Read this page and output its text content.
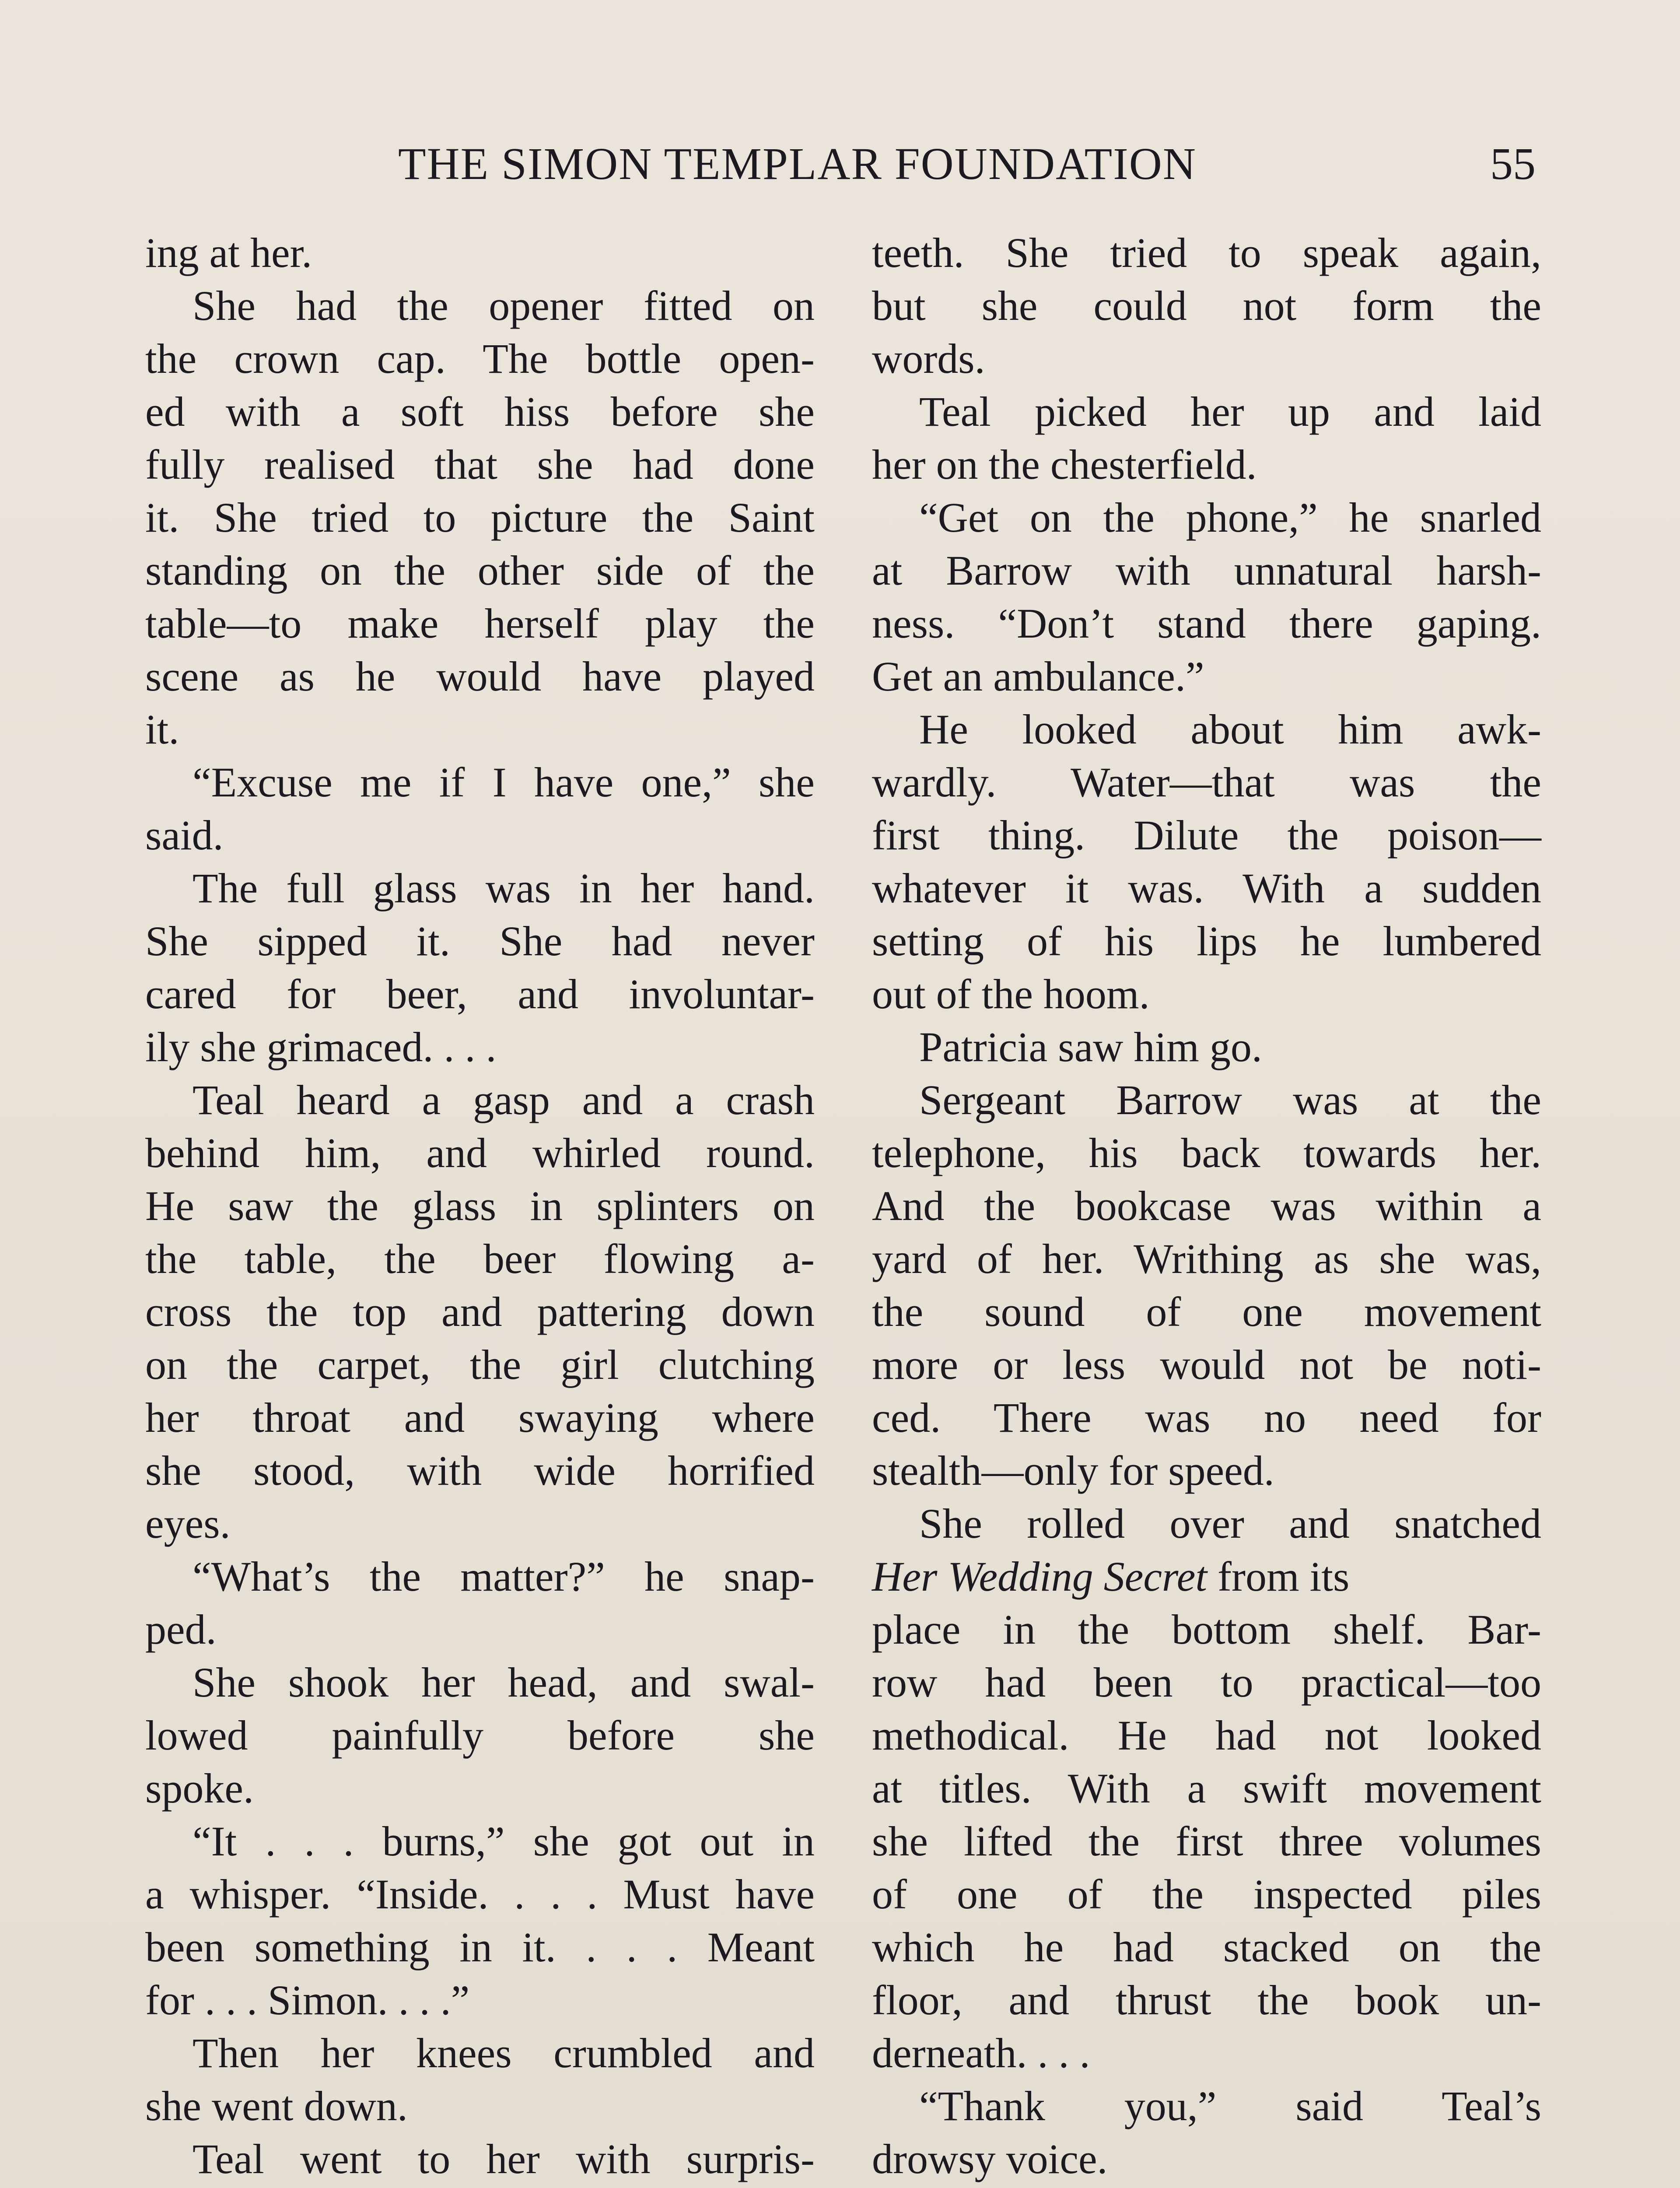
THE SIMON TEMPLAR FOUNDATION	55
ing at her.
She had the opener fitted on
the crown cap. The bottle open-
ed with a soft hiss before she
fully realised that she had done
it. She tried to picture the Saint
standing on the other side of the
table—to make herself play the
scene as he would have played
it.
“Excuse me if I have one,” she
said.
The full glass was in her hand.
She sipped it. She had never
cared for beer, and involuntar-
ily she grimaced. . . .
Teal heard a gasp and a crash
behind him, and whirled round.
He saw the glass in splinters on
the table, the beer flowing a-
cross the top and pattering down
on the carpet, the girl clutching
her throat and swaying where
she stood, with wide horrified
eyes.
“What’s the matter?” he snap-
ped.
She shook her head, and swal-
lowed painfully before she
spoke.
“It . . . burns,” she got out in
a whisper. “Inside. . . . Must have
been something in it. . . . Meant
for . . . Simon. . . .”
Then her knees crumbled and
she went down.
Teal went to her with surpris-
teeth. She tried to speak again,
but she could not form the
words.
Teal picked her up and laid
her on the chesterfield.
“Get on the phone,” he snarled
at Barrow with unnatural harsh-
ness. “Don’t stand there gaping.
Get an ambulance.”
He looked about him awk-
wardly. Water—that was the
first thing. Dilute the poison—
whatever it was. With a sudden
setting of his lips he lumbered
out of the hoom.
Patricia saw him go.
Sergeant Barrow was at the
telephone, his back towards her.
And the bookcase was within a
yard of her. Writhing as she was,
the sound of one movement
more or less would not be noti-
ced. There was no need for
stealth—only for speed.
She rolled over and snatched
Her Wedding Secret from its
place in the bottom shelf. Bar-
row had been to practical—too
methodical. He had not looked
at titles. With a swift movement
she lifted the first three volumes
of one of the inspected piles
which he had stacked on the
floor, and thrust the book un-
derneath. . . .
“Thank you,” said Teal’s
drowsy voice.
